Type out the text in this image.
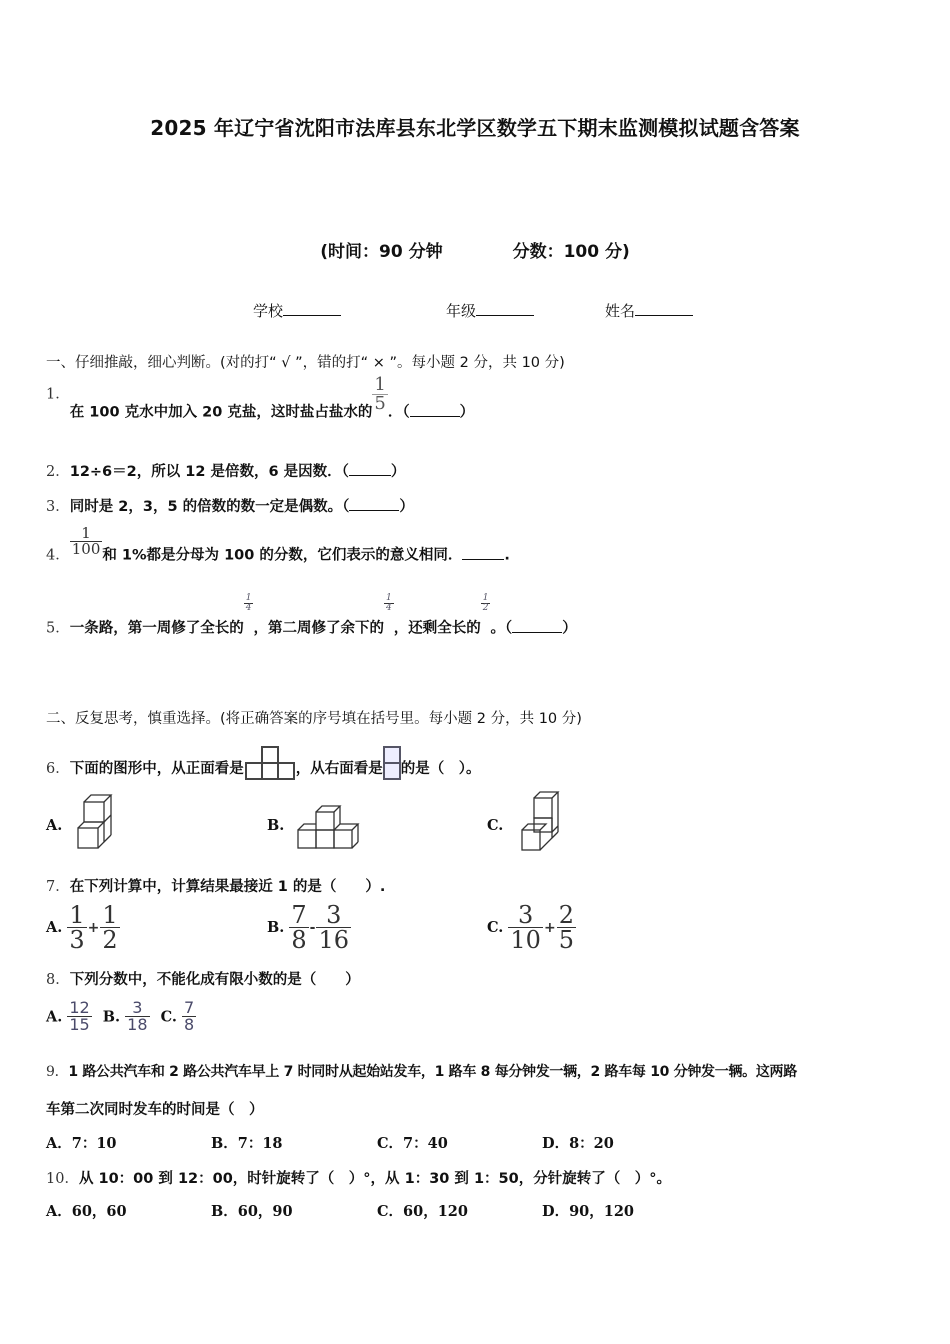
2025 年辽宁省沈阳市法库县东北学区数学五下期末监测模拟试题含答案
(时间：90 分钟	分数：100 分)
学校	年级	姓名
一、仔细推敲，细心判断。(对的打“ √ ”，错的打“ × ”。每小题 2 分，共 10 分)
1．在 100 克水中加入 20 克盐，这时盐占盐水的 $\frac{1}{5}$ ．（	）
2．12÷6＝2，所以 12 是倍数，6 是因数．（	）
3．同时是 2，3，5 的倍数的数一定是偶数。（	）
4． $\frac{1}{100}$ 和 1%都是分母为 100 的分数，它们表示的意义相同．	.
5．一条路，第一周修了全长的
$\frac{1}{4}$
，第二周修了余下的
$\frac{1}{4}$
，还剩全长的
$\frac{1}{2}$
。（	）
二、反复思考，慎重选择。(将正确答案的序号填在括号里。每小题 2 分，共 10 分)
6．下面的图形中，从正面看是	，从右面看是 的是（　）。
A.	B.	C.
7．在下列计算中，计算结果最接近 1 的是（　　）.
A. $\frac{1}{3} + \frac{1}{2}$	B. $\frac{7}{8} - \frac{3}{16}$	C. $\frac{3}{10} + \frac{2}{5}$
8．下列分数中，不能化成有限小数的是（　　）
A. $\frac{12}{15} B$. $\frac{3}{18} C$. $\frac{7}{8}$
9．1 路公共汽车和 2 路公共汽车早上 7 时同时从起始站发车，1 路车 8 每分钟发一辆，2 路车每 10 分钟发一辆。这两路
车第二次同时发车的时间是（　）
A．7：10	B．7：18	C．7：40	D．8：20
10．从 10：00 到 12：00，时针旋转了（　）°，从 1：30 到 1：50，分针旋转了（　）°。
A．60，60	B．60，90	C．60，120	D．90，120
